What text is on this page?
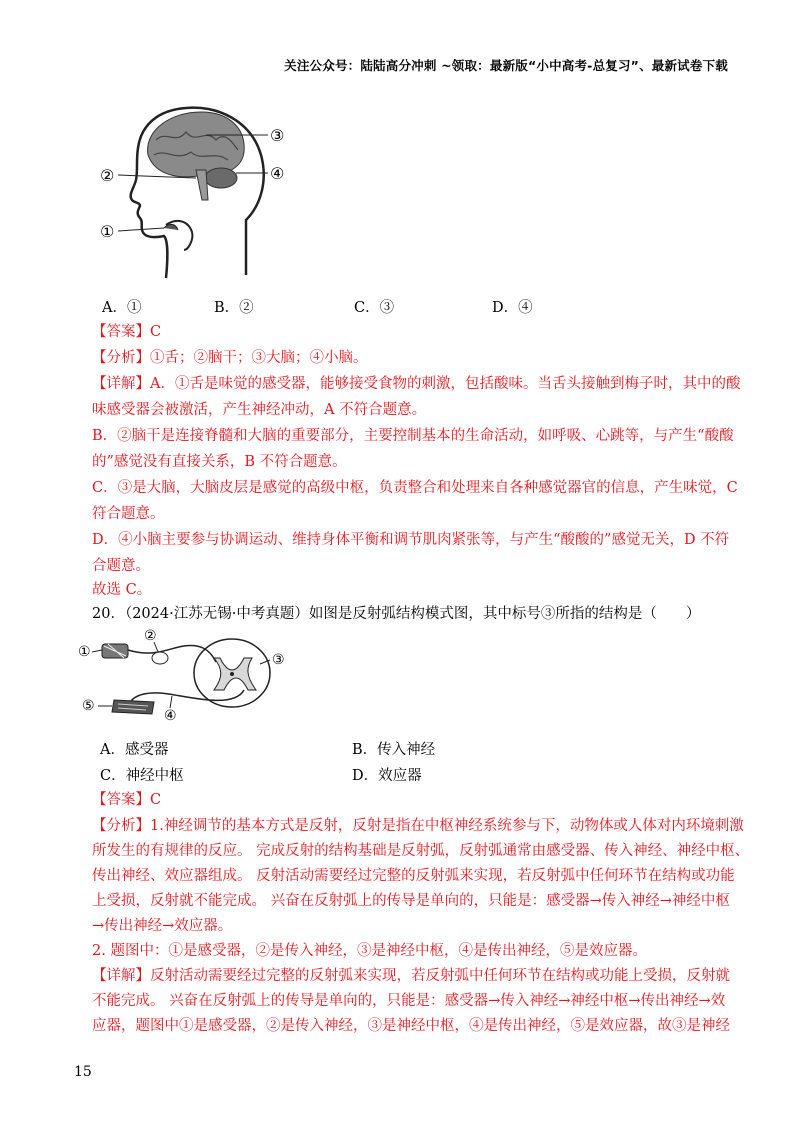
关注公众号：陆陆高分冲刺 ~领取：最新版“小中高考-总复习”、最新试卷下载
③
②	④
①
A．①	B．②	C．③	D．④
【答案】C
【分析】①舌；②脑干；③大脑；④小脑。
【详解】A．①舌是味觉的感受器，能够接受食物的刺激，包括酸味。当舌头接触到梅子时，其中的酸
味感受器会被激活，产生神经冲动，A 不符合题意。
B．②脑干是连接脊髓和大脑的重要部分，主要控制基本的生命活动，如呼吸、心跳等，与产生“酸酸
的”感觉没有直接关系，B 不符合题意。
C．③是大脑，大脑皮层是感觉的高级中枢，负责整合和处理来自各种感觉器官的信息，产生味觉，C
符合题意。
D．④小脑主要参与协调运动、维持身体平衡和调节肌肉紧张等，与产生“酸酸的”感觉无关，D 不符
合题意。
故选 C。
20．（2024·江苏无锡·中考真题）如图是反射弧结构模式图，其中标号③所指的结构是（　　）
①
②
③
④
⑤
A．感受器	B．传入神经
C．神经中枢	D．效应器
【答案】C
【分析】1.神经调节的基本方式是反射，反射是指在中枢神经系统参与下，动物体或人体对内环境刺激
所发生的有规律的反应。 完成反射的结构基础是反射弧，反射弧通常由感受器、传入神经、神经中枢、
传出神经、效应器组成。 反射活动需要经过完整的反射弧来实现，若反射弧中任何环节在结构或功能
上受损，反射就不能完成。 兴奋在反射弧上的传导是单向的，只能是：感受器→传入神经→神经中枢
→传出神经→效应器。
2. 题图中：①是感受器，②是传入神经，③是神经中枢，④是传出神经，⑤是效应器。
【详解】反射活动需要经过完整的反射弧来实现，若反射弧中任何环节在结构或功能上受损，反射就
不能完成。 兴奋在反射弧上的传导是单向的，只能是：感受器→传入神经→神经中枢→传出神经→效
应器，题图中①是感受器，②是传入神经，③是神经中枢，④是传出神经，⑤是效应器，故③是神经
15
